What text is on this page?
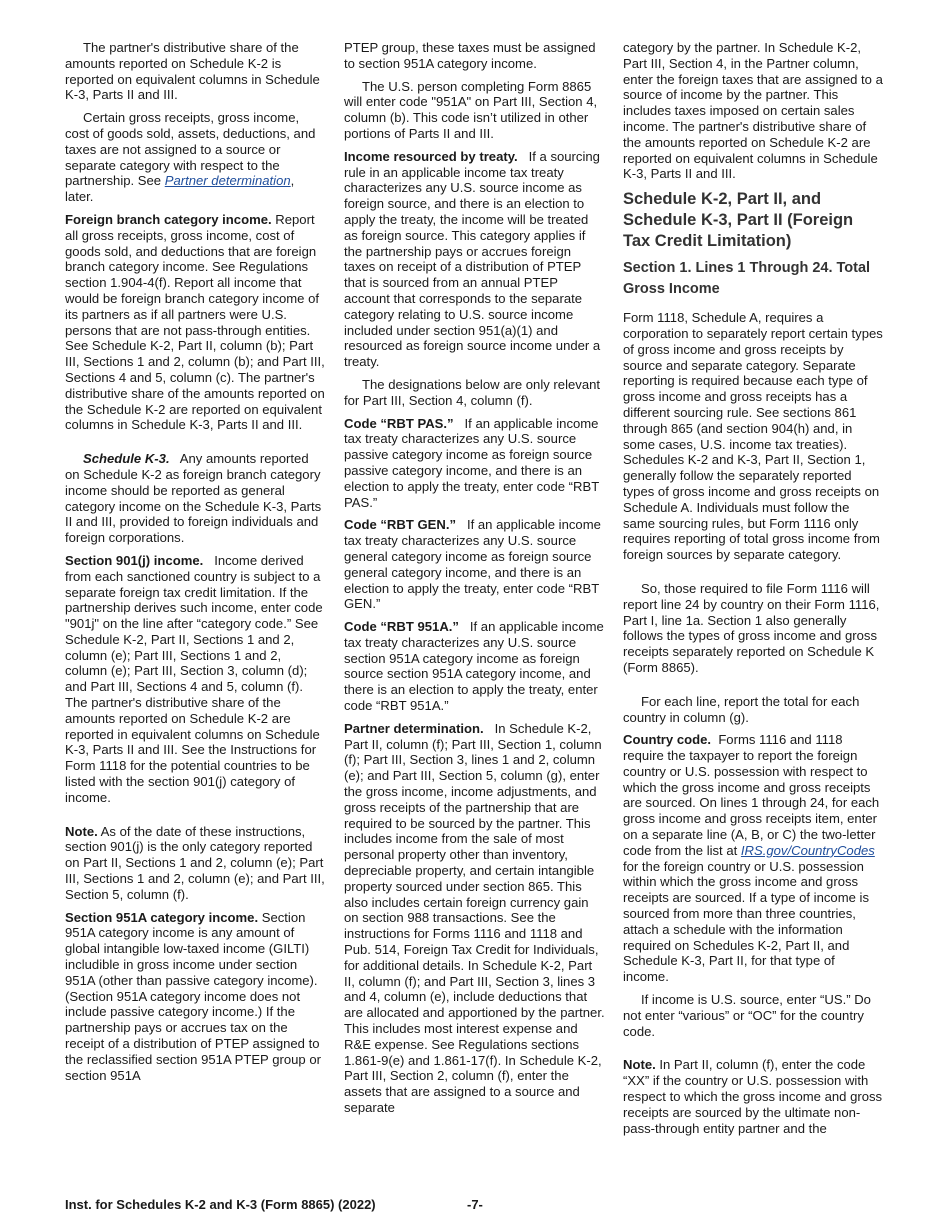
The partner's distributive share of the amounts reported on Schedule K-2 is reported on equivalent columns in Schedule K-3, Parts II and III.

Certain gross receipts, gross income, cost of goods sold, assets, deductions, and taxes are not assigned to a source or separate category with respect to the partnership. See Partner determination, later.

Foreign branch category income. Report all gross receipts, gross income, cost of goods sold, and deductions that are foreign branch category income. See Regulations section 1.904-4(f). Report all income that would be foreign branch category income of its partners as if all partners were U.S. persons that are not pass-through entities. See Schedule K-2, Part II, column (b); Part III, Sections 1 and 2, column (b); and Part III, Sections 4 and 5, column (c). The partner's distributive share of the amounts reported on the Schedule K-2 are reported on equivalent columns in Schedule K-3, Parts II and III.

Schedule K-3. Any amounts reported on Schedule K-2 as foreign branch category income should be reported as general category income on the Schedule K-3, Parts II and III, provided to foreign individuals and foreign corporations.

Section 901(j) income. Income derived from each sanctioned country is subject to a separate foreign tax credit limitation. If the partnership derives such income, enter code "901j" on the line after “category code.” See Schedule K-2, Part II, Sections 1 and 2, column (e); Part III, Sections 1 and 2, column (e); Part III, Section 3, column (d); and Part III, Sections 4 and 5, column (f). The partner's distributive share of the amounts reported on Schedule K-2 are reported in equivalent columns on Schedule K-3, Parts II and III. See the Instructions for Form 1118 for the potential countries to be listed with the section 901(j) category of income.

Note. As of the date of these instructions, section 901(j) is the only category reported on Part II, Sections 1 and 2, column (e); Part III, Sections 1 and 2, column (e); and Part III, Section 5, column (f).

Section 951A category income. Section 951A category income is any amount of global intangible low-taxed income (GILTI) includible in gross income under section 951A (other than passive category income). (Section 951A category income does not include passive category income.) If the partnership pays or accrues tax on the receipt of a distribution of PTEP assigned to the reclassified section 951A PTEP group or section 951A

PTEP group, these taxes must be assigned to section 951A category income.

The U.S. person completing Form 8865 will enter code "951A" on Part III, Section 4, column (b). This code isn’t utilized in other portions of Parts II and III.

Income resourced by treaty. If a sourcing rule in an applicable income tax treaty characterizes any U.S. source income as foreign source, and there is an election to apply the treaty, the income will be treated as foreign source. This category applies if the partnership pays or accrues foreign taxes on receipt of a distribution of PTEP that is sourced from an annual PTEP account that corresponds to the separate category relating to U.S. source income included under section 951(a)(1) and resourced as foreign source income under a treaty.

The designations below are only relevant for Part III, Section 4, column (f).

Code “RBT PAS.” If an applicable income tax treaty characterizes any U.S. source passive category income as foreign source passive category income, and there is an election to apply the treaty, enter code “RBT PAS.”

Code “RBT GEN.” If an applicable income tax treaty characterizes any U.S. source general category income as foreign source general category income, and there is an election to apply the treaty, enter code “RBT GEN.”

Code “RBT 951A.” If an applicable income tax treaty characterizes any U.S. source section 951A category income as foreign source section 951A category income, and there is an election to apply the treaty, enter code “RBT 951A.”

Partner determination. In Schedule K-2, Part II, column (f); Part III, Section 1, column (f); Part III, Section 3, lines 1 and 2, column (e); and Part III, Section 5, column (g), enter the gross income, income adjustments, and gross receipts of the partnership that are required to be sourced by the partner. This includes income from the sale of most personal property other than inventory, depreciable property, and certain intangible property sourced under section 865. This also includes certain foreign currency gain on section 988 transactions. See the instructions for Forms 1116 and 1118 and Pub. 514, Foreign Tax Credit for Individuals, for additional details. In Schedule K-2, Part II, column (f); and Part III, Section 3, lines 3 and 4, column (e), include deductions that are allocated and apportioned by the partner. This includes most interest expense and R&E expense. See Regulations sections 1.861-9(e) and 1.861-17(f). In Schedule K-2, Part III, Section 2, column (f), enter the assets that are assigned to a source and separate

category by the partner. In Schedule K-2, Part III, Section 4, in the Partner column, enter the foreign taxes that are assigned to a source of income by the partner. This includes taxes imposed on certain sales income. The partner's distributive share of the amounts reported on Schedule K-2 are reported on equivalent columns in Schedule K-3, Parts II and III.

Schedule K-2, Part II, and Schedule K-3, Part II (Foreign Tax Credit Limitation)
Section 1. Lines 1 Through 24. Total Gross Income

Form 1118, Schedule A, requires a corporation to separately report certain types of gross income and gross receipts by source and separate category. Separate reporting is required because each type of gross income and gross receipts has a different sourcing rule. See sections 861 through 865 (and section 904(h) and, in some cases, U.S. income tax treaties). Schedules K-2 and K-3, Part II, Section 1, generally follow the separately reported types of gross income and gross receipts on Schedule A. Individuals must follow the same sourcing rules, but Form 1116 only requires reporting of total gross income from foreign sources by separate category.

So, those required to file Form 1116 will report line 24 by country on their Form 1116, Part I, line 1a. Section 1 also generally follows the types of gross income and gross receipts separately reported on Schedule K (Form 8865).

For each line, report the total for each country in column (g).

Country code. Forms 1116 and 1118 require the taxpayer to report the foreign country or U.S. possession with respect to which the gross income and gross receipts are sourced. On lines 1 through 24, for each gross income and gross receipts item, enter on a separate line (A, B, or C) the two-letter code from the list at IRS.gov/CountryCodes for the foreign country or U.S. possession within which the gross income and gross receipts are sourced. If a type of income is sourced from more than three countries, attach a schedule with the information required on Schedules K-2, Part II, and Schedule K-3, Part II, for that type of income.

If income is U.S. source, enter “US.” Do not enter “various” or “OC” for the country code.

Note. In Part II, column (f), enter the code “XX” if the country or U.S. possession with respect to which the gross income and gross receipts are sourced by the ultimate non-pass-through entity partner and the

Inst. for Schedules K-2 and K-3 (Form 8865) (2022)	-7-
